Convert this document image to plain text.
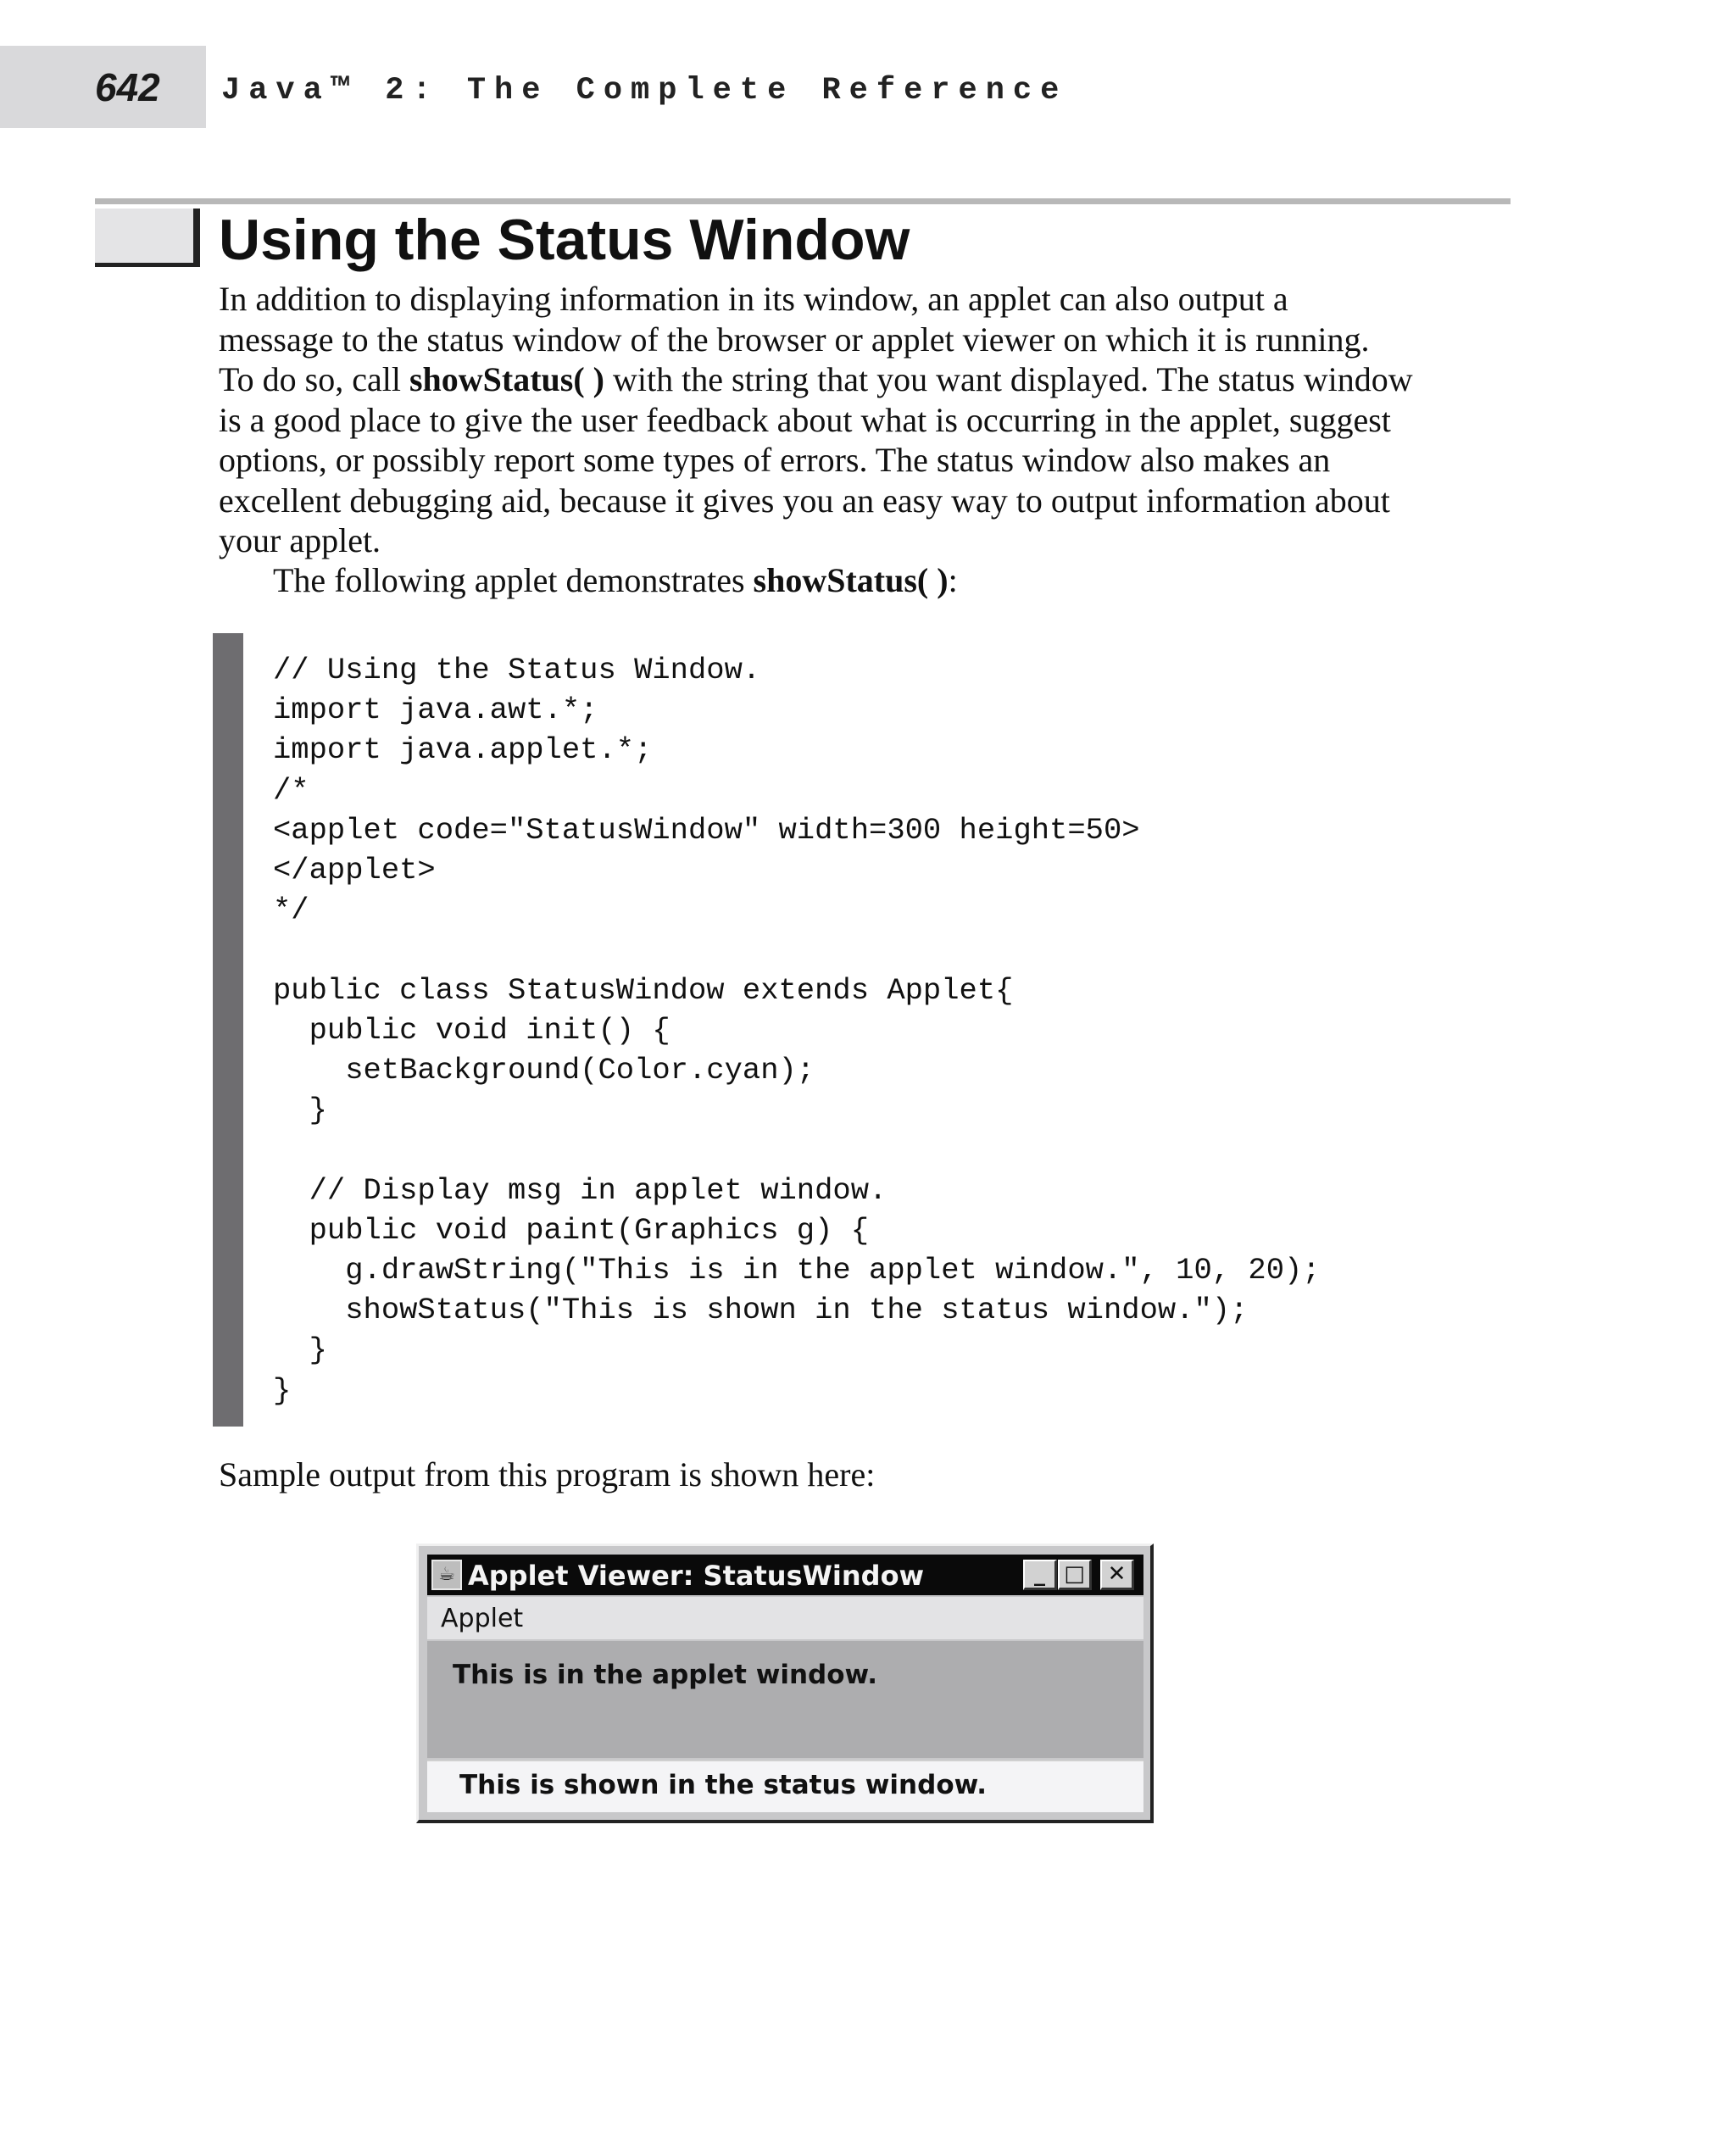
642 Java™ 2: The Complete Reference
Using the Status Window
In addition to displaying information in its window, an applet can also output a
message to the status window of the browser or applet viewer on which it is running.
To do so, call showStatus( ) with the string that you want displayed. The status window
is a good place to give the user feedback about what is occurring in the applet, suggest
options, or possibly report some types of errors. The status window also makes an
excellent debugging aid, because it gives you an easy way to output information about
your applet.
The following applet demonstrates showStatus( ):
// Using the Status Window.
import java.awt.*;
import java.applet.*;
/*
<applet code="StatusWindow" width=300 height=50>
</applet>
*/

public class StatusWindow extends Applet{
public void init() {
setBackground(Color.cyan);
}

// Display msg in applet window.
public void paint(Graphics g) {
g.drawString("This is in the applet window.", 10, 20);
showStatus("This is shown in the status window.");
}
}
Sample output from this program is shown here:
☕ Applet Viewer: StatusWindow	_ □	✕
Applet
This is in the applet window.
This is shown in the status window.
